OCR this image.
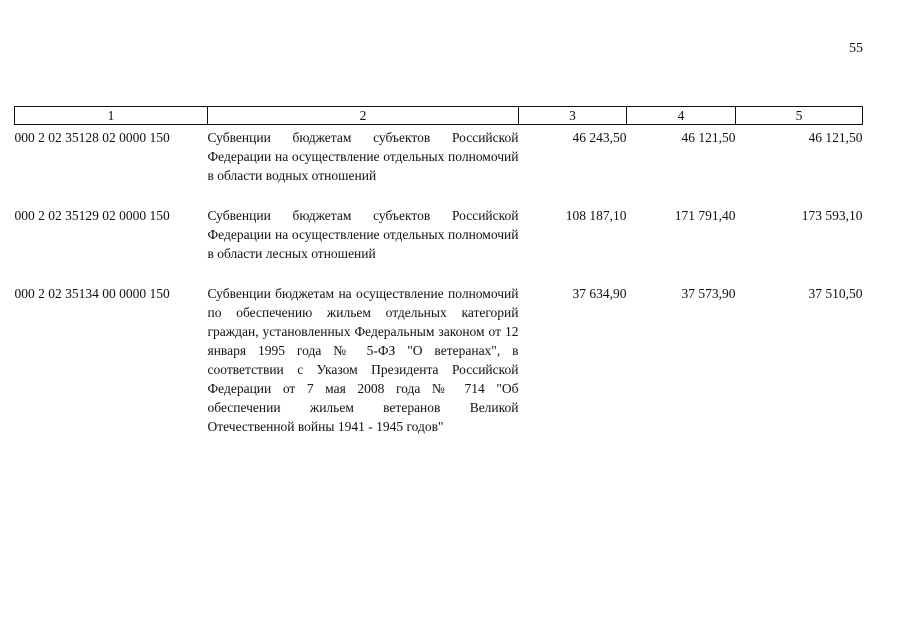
55
1	2	3	4	5
000 2 02 35128 02 0000 150	Субвенции бюджетам субъектов Российской Федерации на осуществление отдельных полномочий в области водных отношений	46 243,50	46 121,50	46 121,50
000 2 02 35129 02 0000 150	Субвенции бюджетам субъектов Российской Федерации на осуществление отдельных полномочий в области лесных отношений	108 187,10	171 791,40	173 593,10
000 2 02 35134 00 0000 150	Субвенции бюджетам на осуществление полномочий по обеспечению жильем отдельных категорий граждан, установленных Федеральным законом от 12 января 1995 года № 5-ФЗ "О ветеранах", в соответствии с Указом Президента Российской Федерации от 7 мая 2008 года № 714 "Об обеспечении жильем ветеранов Великой Отечественной войны 1941 - 1945 годов"	37 634,90	37 573,90	37 510,50
